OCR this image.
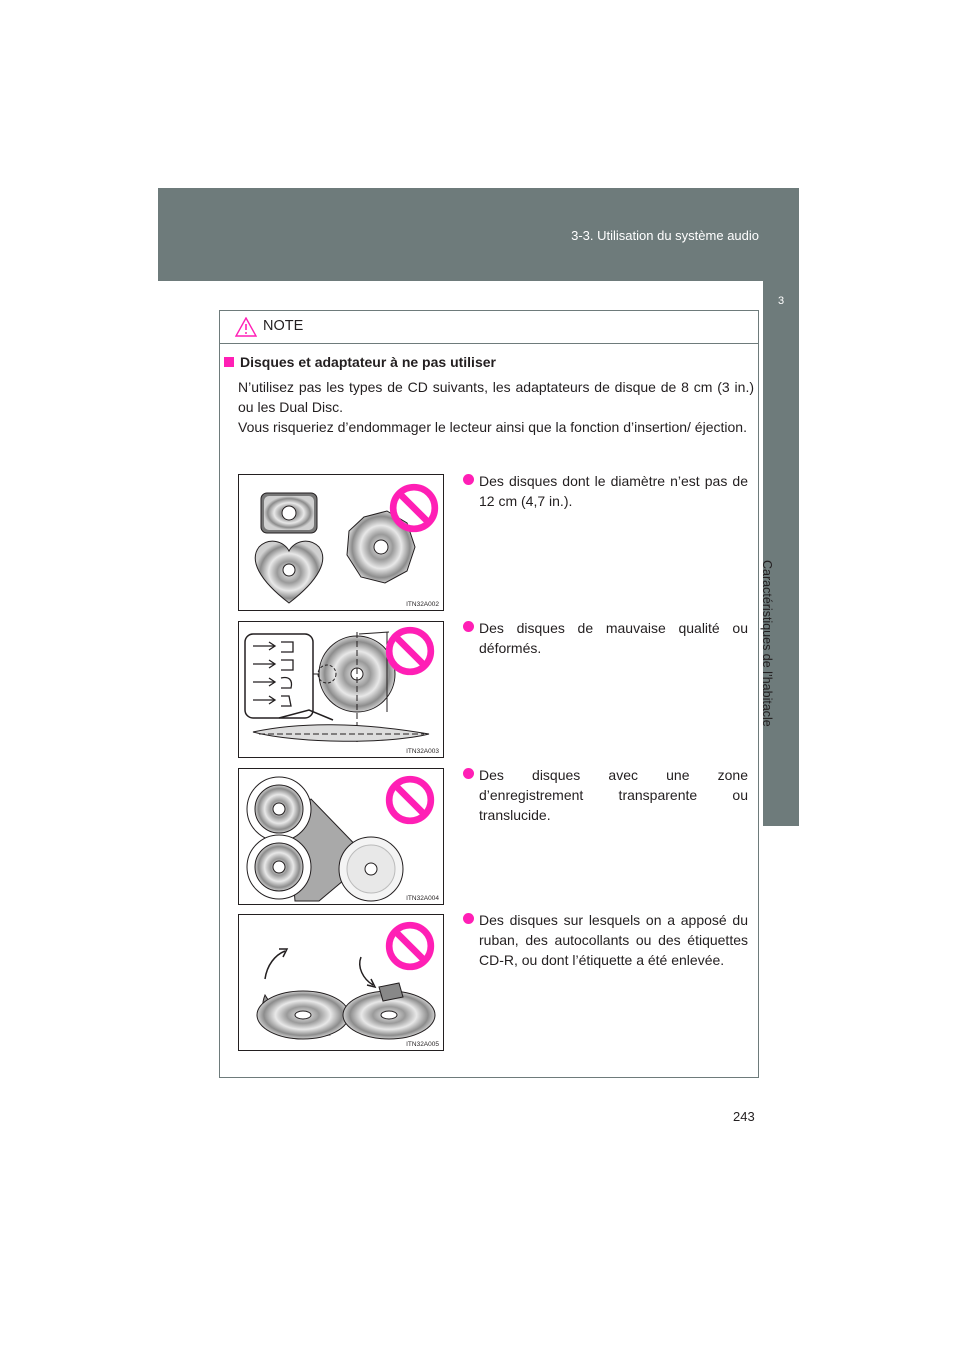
3-3. Utilisation du système audio
3
Caractéristiques de l’habitacle
NOTE
Disques et adaptateur à ne pas utiliser
N’utilisez pas les types de CD suivants, les adaptateurs de disque de 8 cm (3 in.) ou les Dual Disc.
Vous risqueriez d’endommager le lecteur ainsi que la fonction d’insertion/ éjection.
ITN32A002
Des disques dont le diamètre n’est pas de 12 cm (4,7 in.).
ITN32A003
Des disques de mauvaise qualité ou déformés.
ITN32A004
Des disques avec une zone d’enregistrement transparente ou translucide.
ITN32A005
Des disques sur lesquels on a apposé du ruban, des autocollants ou des étiquettes CD-R, ou dont l’étiquette a été enlevée.
243
